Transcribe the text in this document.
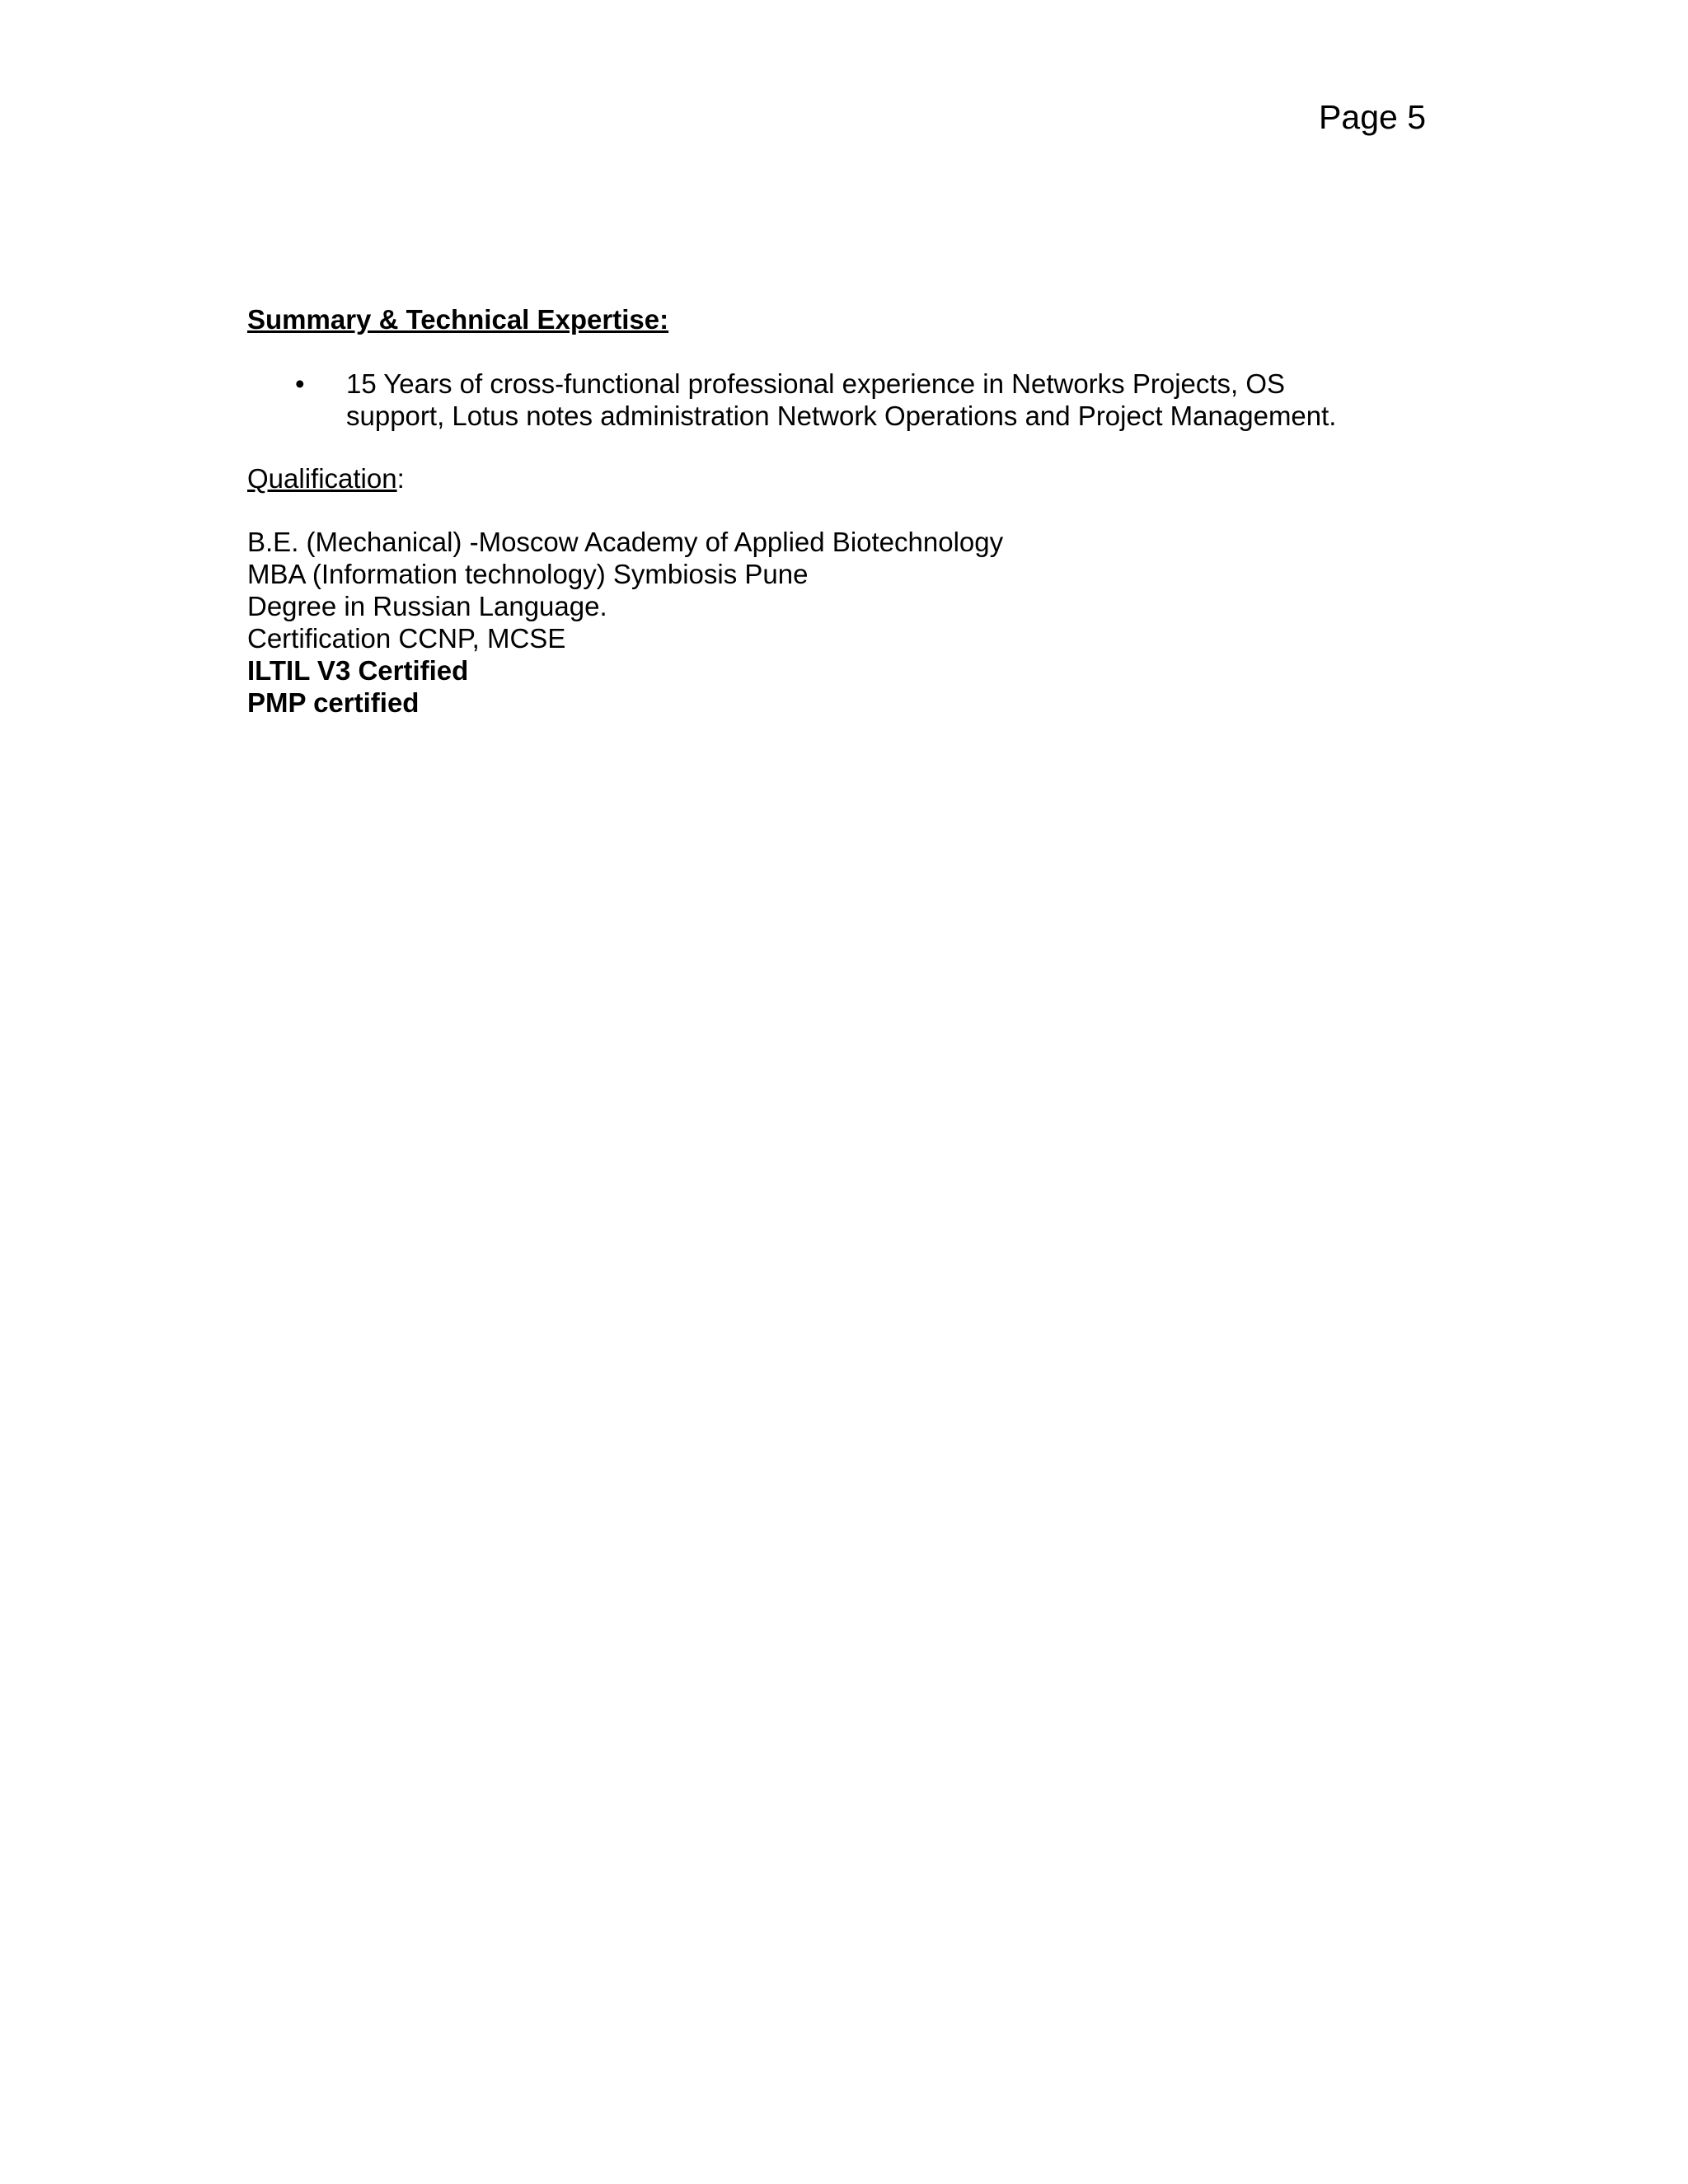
Page 5
Summary & Technical Expertise:
• 15 Years of cross-functional professional experience in Networks Projects, OS support, Lotus notes administration Network Operations and Project Management.
Qualification:
B.E. (Mechanical) -Moscow Academy of Applied Biotechnology
MBA (Information technology) Symbiosis Pune
Degree in Russian Language.
Certification CCNP, MCSE
ILTIL V3 Certified
PMP certified
